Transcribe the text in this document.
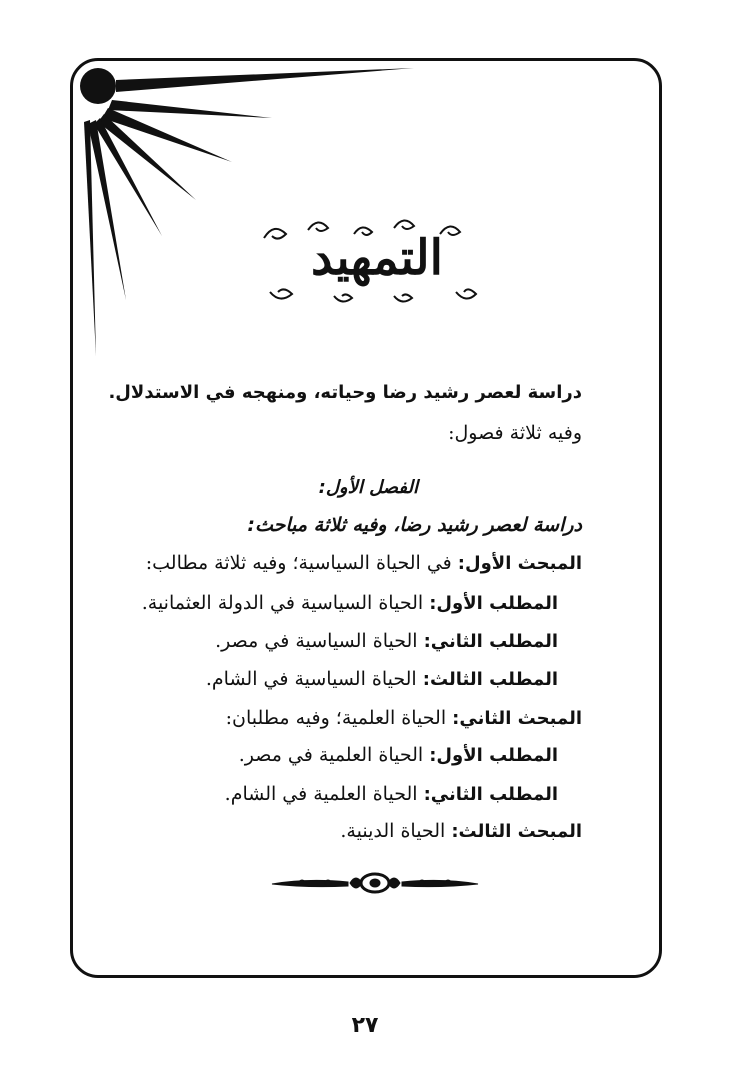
التمهيد
دراسة لعصر رشيد رضا وحياته، ومنهجه في الاستدلال.
وفيه ثلاثة فصول:
الفصل الأول:
دراسة لعصر رشيد رضا، وفيه ثلاثة مباحث:
المبحث الأول: في الحياة السياسية؛ وفيه ثلاثة مطالب:
المطلب الأول: الحياة السياسية في الدولة العثمانية.
المطلب الثاني: الحياة السياسية في مصر.
المطلب الثالث: الحياة السياسية في الشام.
المبحث الثاني: الحياة العلمية؛ وفيه مطلبان:
المطلب الأول: الحياة العلمية في مصر.
المطلب الثاني: الحياة العلمية في الشام.
المبحث الثالث: الحياة الدينية.
٢٧
